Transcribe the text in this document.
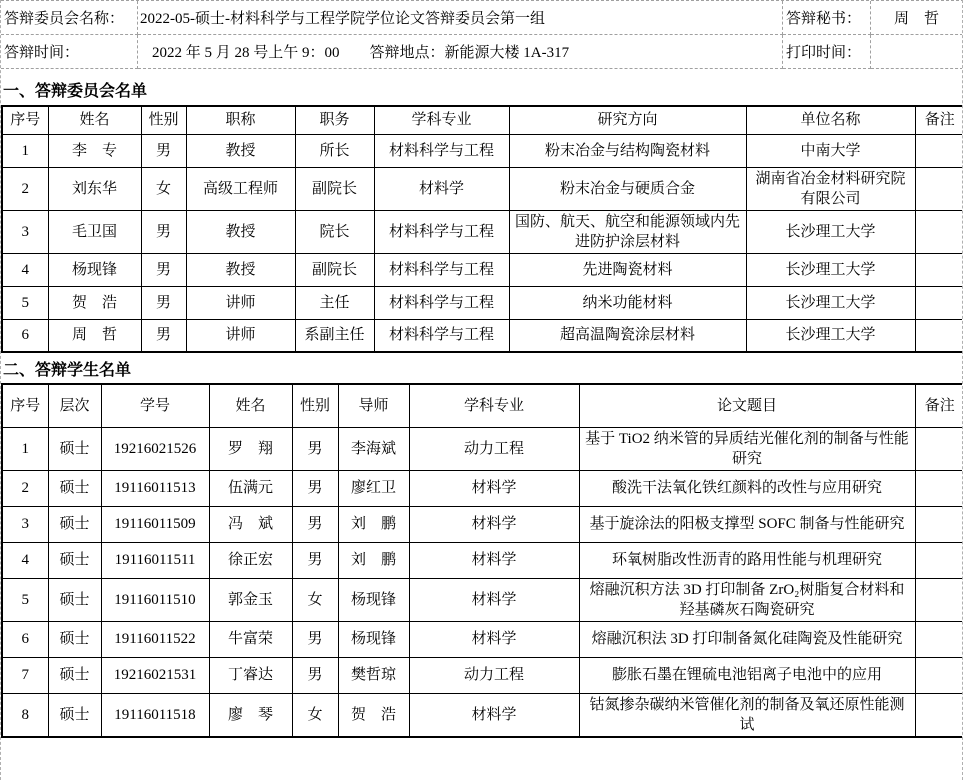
答辩委员会名称：	2022-05-硕士-材料科学与工程学院学位论文答辩委员会第一组	答辩秘书：	周　哲
答辩时间：	2022 年 5 月 28 号上午 9：00 答辩地点： 新能源大楼 1A-317	打印时间：
一、答辩委员会名单
序号	姓名	性别	职称	职务	学科专业	研究方向	单位名称	备注
1	李　专	男	教授	所长	材料科学与工程	粉末冶金与结构陶瓷材料	中南大学	
2	刘东华	女	高级工程师	副院长	材料学	粉末冶金与硬质合金	湖南省冶金材料研究院有限公司	
3	毛卫国	男	教授	院长	材料科学与工程	国防、航天、航空和能源领域内先进防护涂层材料	长沙理工大学	
4	杨现锋	男	教授	副院长	材料科学与工程	先进陶瓷材料	长沙理工大学	
5	贺　浩	男	讲师	主任	材料科学与工程	纳米功能材料	长沙理工大学	
6	周　哲	男	讲师	系副主任	材料科学与工程	超高温陶瓷涂层材料	长沙理工大学	
二、答辩学生名单
序号	层次	学号	姓名	性别	导师	学科专业	论文题目	备注
1	硕士	19216021526	罗　翔	男	李海斌	动力工程	基于 TiO2 纳米管的异质结光催化剂的制备与性能研究	
2	硕士	19116011513	伍满元	男	廖红卫	材料学	酸洗干法氧化铁红颜料的改性与应用研究	
3	硕士	19116011509	冯　斌	男	刘　鹏	材料学	基于旋涂法的阳极支撑型 SOFC 制备与性能研究	
4	硕士	19116011511	徐正宏	男	刘　鹏	材料学	环氧树脂改性沥青的路用性能与机理研究	
5	硕士	19116011510	郭金玉	女	杨现锋	材料学	熔融沉积方法 3D 打印制备 ZrO₂树脂复合材料和羟基磷灰石陶瓷研究	
6	硕士	19116011522	牛富荣	男	杨现锋	材料学	熔融沉积法 3D 打印制备氮化硅陶瓷及性能研究	
7	硕士	19216021531	丁睿达	男	樊哲琼	动力工程	膨胀石墨在锂硫电池铝离子电池中的应用	
8	硕士	19116011518	廖　琴	女	贺　浩	材料学	钴氮掺杂碳纳米管催化剂的制备及氧还原性能测试	
